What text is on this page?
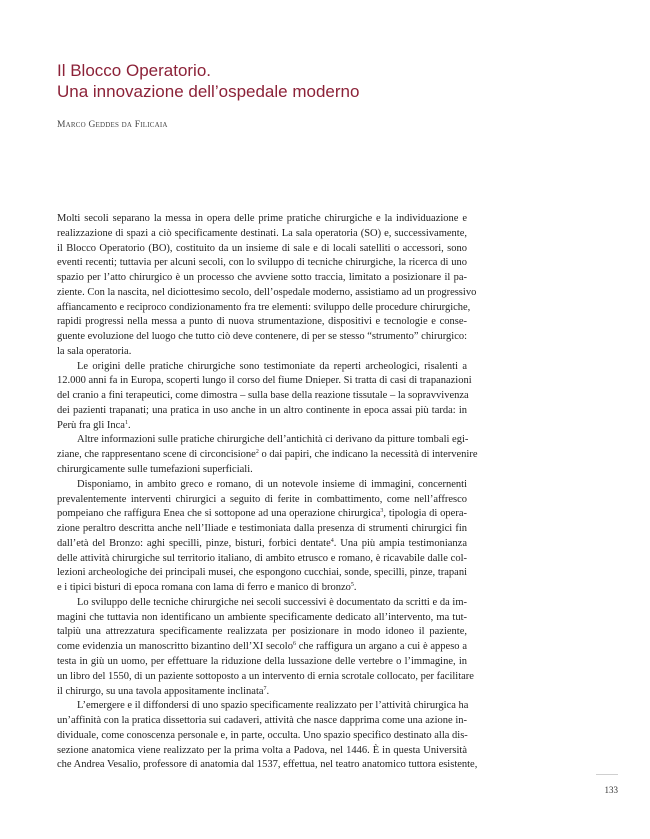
Il Blocco Operatorio.
Una innovazione dell’ospedale moderno
Marco Geddes da Filicaia
Molti secoli separano la messa in opera delle prime pratiche chirurgiche e la individuazione e
realizzazione di spazi a ciò specificamente destinati. La sala operatoria (SO) e, successivamente,
il Blocco Operatorio (BO), costituito da un insieme di sale e di locali satelliti o accessori, sono
eventi recenti; tuttavia per alcuni secoli, con lo sviluppo di tecniche chirurgiche, la ricerca di uno
spazio per l’atto chirurgico è un processo che avviene sotto traccia, limitato a posizionare il pa-
ziente. Con la nascita, nel diciottesimo secolo, dell’ospedale moderno, assistiamo ad un progressivo
affiancamento e reciproco condizionamento fra tre elementi: sviluppo delle procedure chirurgiche,
rapidi progressi nella messa a punto di nuova strumentazione, dispositivi e tecnologie e conse-
guente evoluzione del luogo che tutto ciò deve contenere, di per se stesso “strumento” chirurgico:
la sala operatoria.
Le origini delle pratiche chirurgiche sono testimoniate da reperti archeologici, risalenti a
12.000 anni fa in Europa, scoperti lungo il corso del fiume Dnieper. Si tratta di casi di trapanazioni
del cranio a fini terapeutici, come dimostra – sulla base della reazione tissutale – la sopravvivenza
dei pazienti trapanati; una pratica in uso anche in un altro continente in epoca assai più tarda: in
Perù fra gli Inca$^1$.
Altre informazioni sulle pratiche chirurgiche dell’antichità ci derivano da pitture tombali egi-
ziane, che rappresentano scene di circoncisione$^2$ o dai papiri, che indicano la necessità di intervenire
chirurgicamente sulle tumefazioni superficiali.
Disponiamo, in ambito greco e romano, di un notevole insieme di immagini, concernenti
prevalentemente interventi chirurgici a seguito di ferite in combattimento, come nell’affresco
pompeiano che raffigura Enea che si sottopone ad una operazione chirurgica$^3$, tipologia di opera-
zione peraltro descritta anche nell’Iliade e testimoniata dalla presenza di strumenti chirurgici fin
dall’età del Bronzo: aghi specilli, pinze, bisturi, forbici dentate$^4$. Una più ampia testimonianza
delle attività chirurgiche sul territorio italiano, di ambito etrusco e romano, è ricavabile dalle col-
lezioni archeologiche dei principali musei, che espongono cucchiai, sonde, specilli, pinze, trapani
e i tipici bisturi di epoca romana con lama di ferro e manico di bronzo$^5$.
Lo sviluppo delle tecniche chirurgiche nei secoli successivi è documentato da scritti e da im-
magini che tuttavia non identificano un ambiente specificamente dedicato all’intervento, ma tut-
talpiù una attrezzatura specificamente realizzata per posizionare in modo idoneo il paziente,
come evidenzia un manoscritto bizantino dell’XI secolo$^6$ che raffigura un argano a cui è appeso a
testa in giù un uomo, per effettuare la riduzione della lussazione delle vertebre o l’immagine, in
un libro del 1550, di un paziente sottoposto a un intervento di ernia scrotale collocato, per facilitare
il chirurgo, su una tavola appositamente inclinata$^7$.
L’emergere e il diffondersi di uno spazio specificamente realizzato per l’attività chirurgica ha
un’affinità con la pratica dissettoria sui cadaveri, attività che nasce dapprima come una azione in-
dividuale, come conoscenza personale e, in parte, occulta. Uno spazio specifico destinato alla dis-
sezione anatomica viene realizzato per la prima volta a Padova, nel 1446. È in questa Università
che Andrea Vesalio, professore di anatomia dal 1537, effettua, nel teatro anatomico tuttora esistente,
133
